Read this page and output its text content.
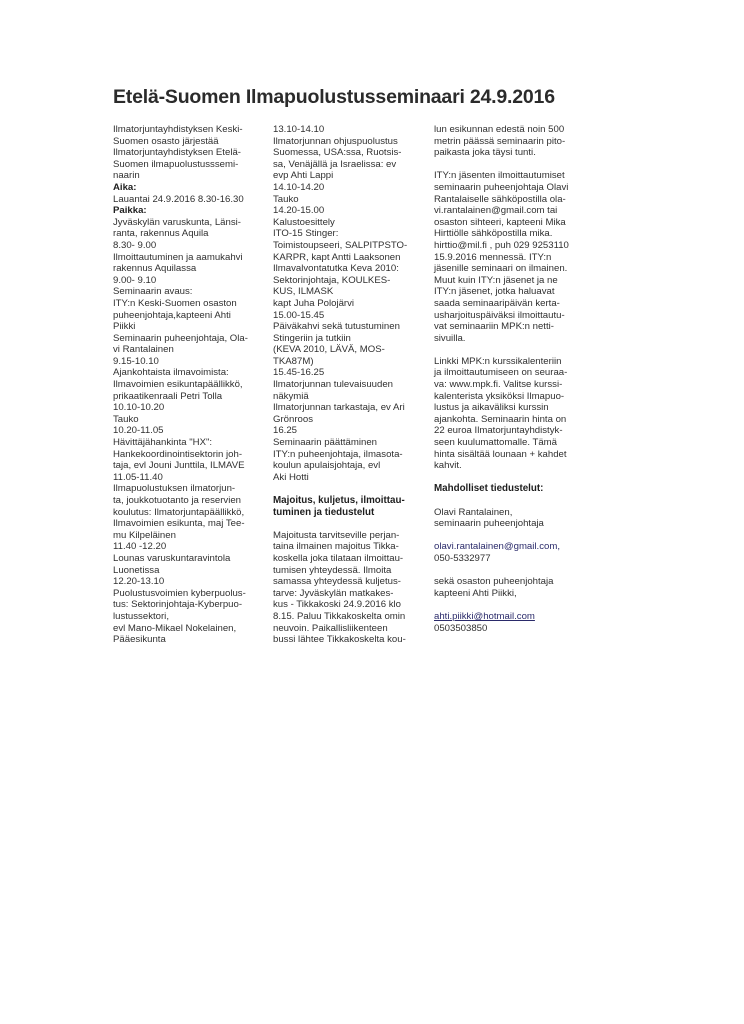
Etelä-Suomen Ilmapuolustusseminaari 24.9.2016
Ilmatorjuntayhdistyksen Keski-
Suomen osasto järjestää
Ilmatorjuntayhdistyksen Etelä-
Suomen ilmapuolustusssemi-
naarin
Aika:
Lauantai 24.9.2016 8.30-16.30
Paikka:
Jyväskylän varuskunta, Länsi-
ranta, rakennus Aquila
8.30- 9.00
Ilmoittautuminen ja aamukahvi
rakennus Aquilassa
9.00- 9.10
Seminaarin avaus:
ITY:n Keski-Suomen osaston
puheenjohtaja,kapteeni Ahti
Piikki
Seminaarin puheenjohtaja, Ola-
vi Rantalainen
9.15-10.10
Ajankohtaista ilmavoimista:
Ilmavoimien esikuntapäällikkö,
prikaatikenraali Petri Tolla
10.10-10.20
Tauko
10.20-11.05
Hävittäjähankinta "HX":
Hankekoordinointisektorin joh-
taja, evl Jouni Junttila, ILMAVE
11.05-11.40
Ilmapuolustuksen ilmatorjun-
ta, joukkotuotanto ja reservien
koulutus: Ilmatorjuntapäällikkö,
Ilmavoimien esikunta, maj Tee-
mu Kilpeläinen
11.40 -12.20
Lounas varuskuntaravintola
Luonetissa
12.20-13.10
Puolustusvoimien kyberpuolus-
tus: Sektorinjohtaja-Kyberpuo-
lustussektori,
evl Mano-Mikael Nokelainen,
Pääesikunta
13.10-14.10
Ilmatorjunnan ohjuspuolustus
Suomessa, USA:ssa, Ruotsis-
sa, Venäjällä ja Israelissa: ev
evp Ahti Lappi
14.10-14.20
Tauko
14.20-15.00
Kalustoesittely
ITO-15 Stinger:
Toimistoupseeri, SALPITPSTO-
KARPR, kapt Antti Laaksonen
Ilmavalvontatutka Keva 2010:
Sektorinjohtaja, KOULKES-
KUS, ILMASK
kapt Juha Polojärvi
15.00-15.45
Päiväkahvi sekä tutustuminen
Stingeriin ja tutkiin
(KEVA 2010, LÄVÄ, MOS-
TKA87M)
15.45-16.25
Ilmatorjunnan tulevaisuuden
näkymiä
Ilmatorjunnan tarkastaja, ev Ari
Grönroos
16.25
Seminaarin päättäminen
ITY:n puheenjohtaja, ilmasota-
koulun apulaisjohtaja, evl
Aki Hotti
Majoitus, kuljetus, ilmoittau-
tuminen ja tiedustelut
Majoitusta tarvitseville perjan-
taina ilmainen majoitus Tikka-
koskella joka tilataan ilmoittau-
tumisen yhteydessä. Ilmoita
samassa yhteydessä kuljetus-
tarve: Jyväskylän matkakes-
kus - Tikkakoski 24.9.2016 klo
8.15. Paluu Tikkakoskelta omin
neuvoin. Paikallisliikenteen
bussi lähtee Tikkakoskelta kou-
lun esikunnan edestä noin 500
metrin päässä seminaarin pito-
paikasta joka täysi tunti.
ITY:n jäsenten ilmoittautumiset
seminaarin puheenjohtaja Olavi
Rantalaiselle sähköpostilla ola-
vi.rantalainen@gmail.com tai
osaston sihteeri, kapteeni Mika
Hirttiölle sähköpostilla mika.
hirttio@mil.fi , puh 029 9253110
15.9.2016 mennessä. ITY:n
jäsenille seminaari on ilmainen.
Muut kuin ITY:n jäsenet ja ne
ITY:n jäsenet, jotka haluavat
saada seminaaripäivän kerta-
usharjoituspäiväksi ilmoittautu-
vat seminaariin MPK:n netti-
sivuilla.
Linkki MPK:n kurssikalenteriin
ja ilmoittautumiseen on seuraa-
va: www.mpk.fi. Valitse kurssi-
kalenterista yksiköksi Ilmapuo-
lustus ja aikaväliksi kurssin
ajankohta. Seminaarin hinta on
22 euroa Ilmatorjuntayhdistyk-
seen kuulumattomalle. Tämä
hinta sisältää lounaan + kahdet
kahvit.
Mahdolliset tiedustelut:
Olavi Rantalainen,
seminaarin puheenjohtaja
olavi.rantalainen@gmail.com,
050-5332977
sekä osaston puheenjohtaja
kapteeni Ahti Piikki,
ahti.piikki@hotmail.com
0503503850
